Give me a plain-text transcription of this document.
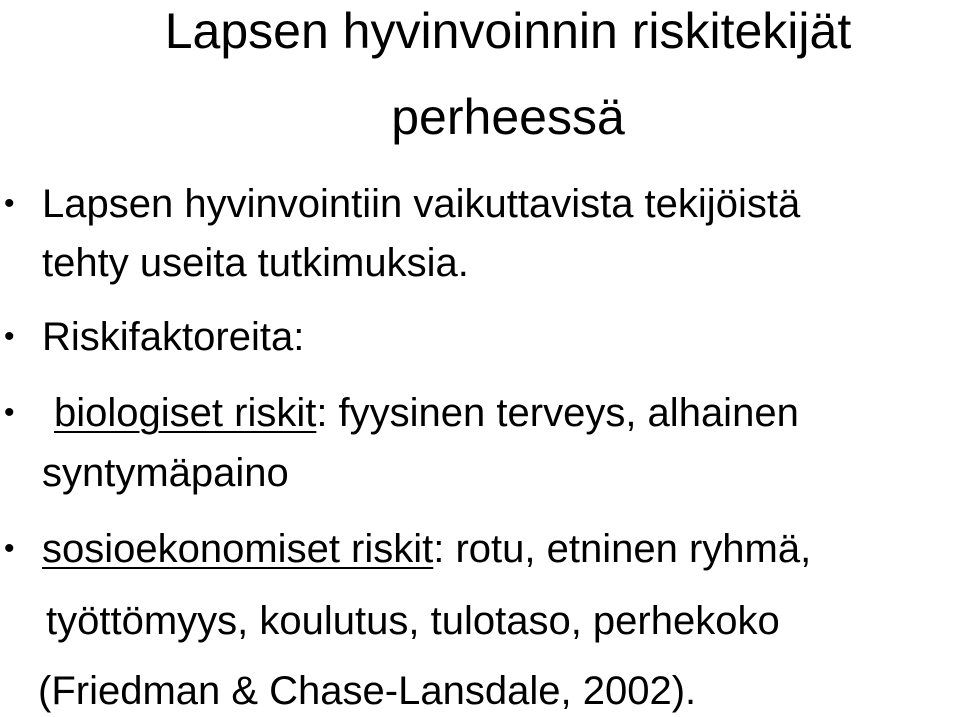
Lapsen hyvinvoinnin riskitekijät
perheessä
• Lapsen hyvinvointiin vaikuttavista tekijöistä
tehty useita tutkimuksia.
• Riskifaktoreita:
• biologiset riskit: fyysinen terveys, alhainen
syntymäpaino
• sosioekonomiset riskit: rotu, etninen ryhmä,
työttömyys, koulutus, tulotaso, perhekoko
(Friedman & Chase-Lansdale, 2002).
